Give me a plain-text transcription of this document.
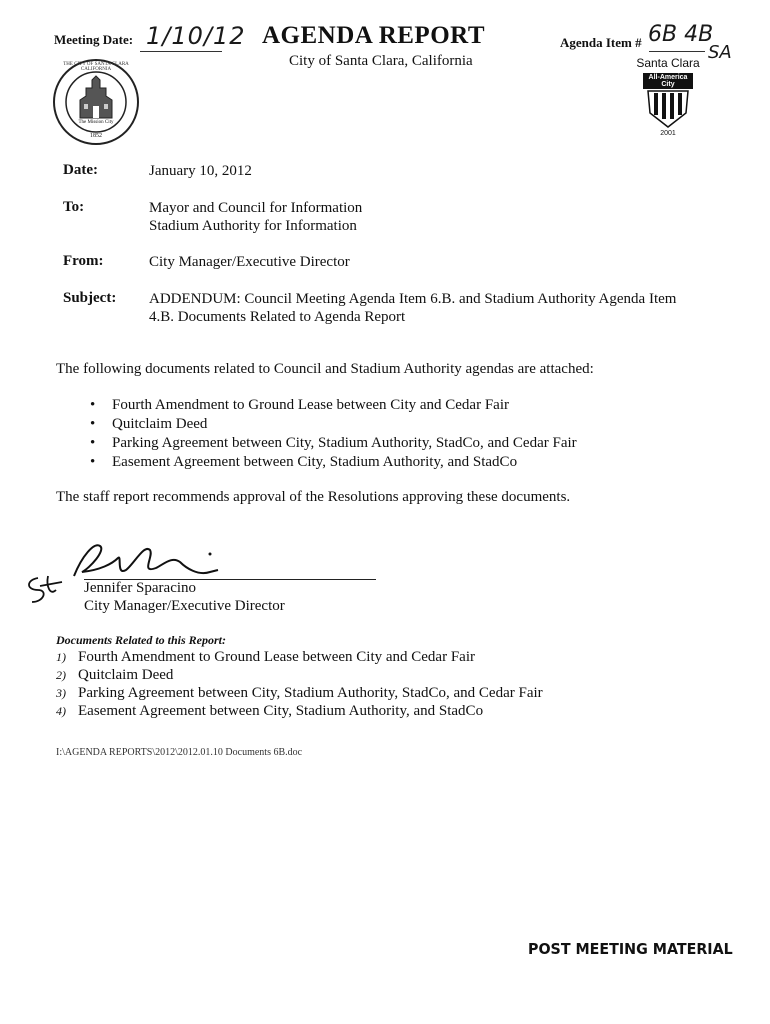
Meeting Date: 1/10/12 AGENDA REPORT
City of Santa Clara, California
Agenda Item # 6B 4B
SA
THE CITY OF SANTA CLARA CALIFORNIA
The Mission City
1852
Santa Clara
All-America City
2001
Date:	January 10, 2012
To:	Mayor and Council for Information
Stadium Authority for Information
From:	City Manager/Executive Director
Subject: ADDENDUM: Council Meeting Agenda Item 6.B. and Stadium Authority Agenda Item
4.B. Documents Related to Agenda Report
The following documents related to Council and Stadium Authority agendas are attached:
• Fourth Amendment to Ground Lease between City and Cedar Fair
• Quitclaim Deed
• Parking Agreement between City, Stadium Authority, StadCo, and Cedar Fair
• Easement Agreement between City, Stadium Authority, and StadCo
The staff report recommends approval of the Resolutions approving these documents.
Jennifer Sparacino
City Manager/Executive Director
Documents Related to this Report:
1) Fourth Amendment to Ground Lease between City and Cedar Fair
2) Quitclaim Deed
3) Parking Agreement between City, Stadium Authority, StadCo, and Cedar Fair
4) Easement Agreement between City, Stadium Authority, and StadCo
I:\AGENDA REPORTS\2012\2012.01.10 Documents 6B.doc
POST MEETING MATERIAL
